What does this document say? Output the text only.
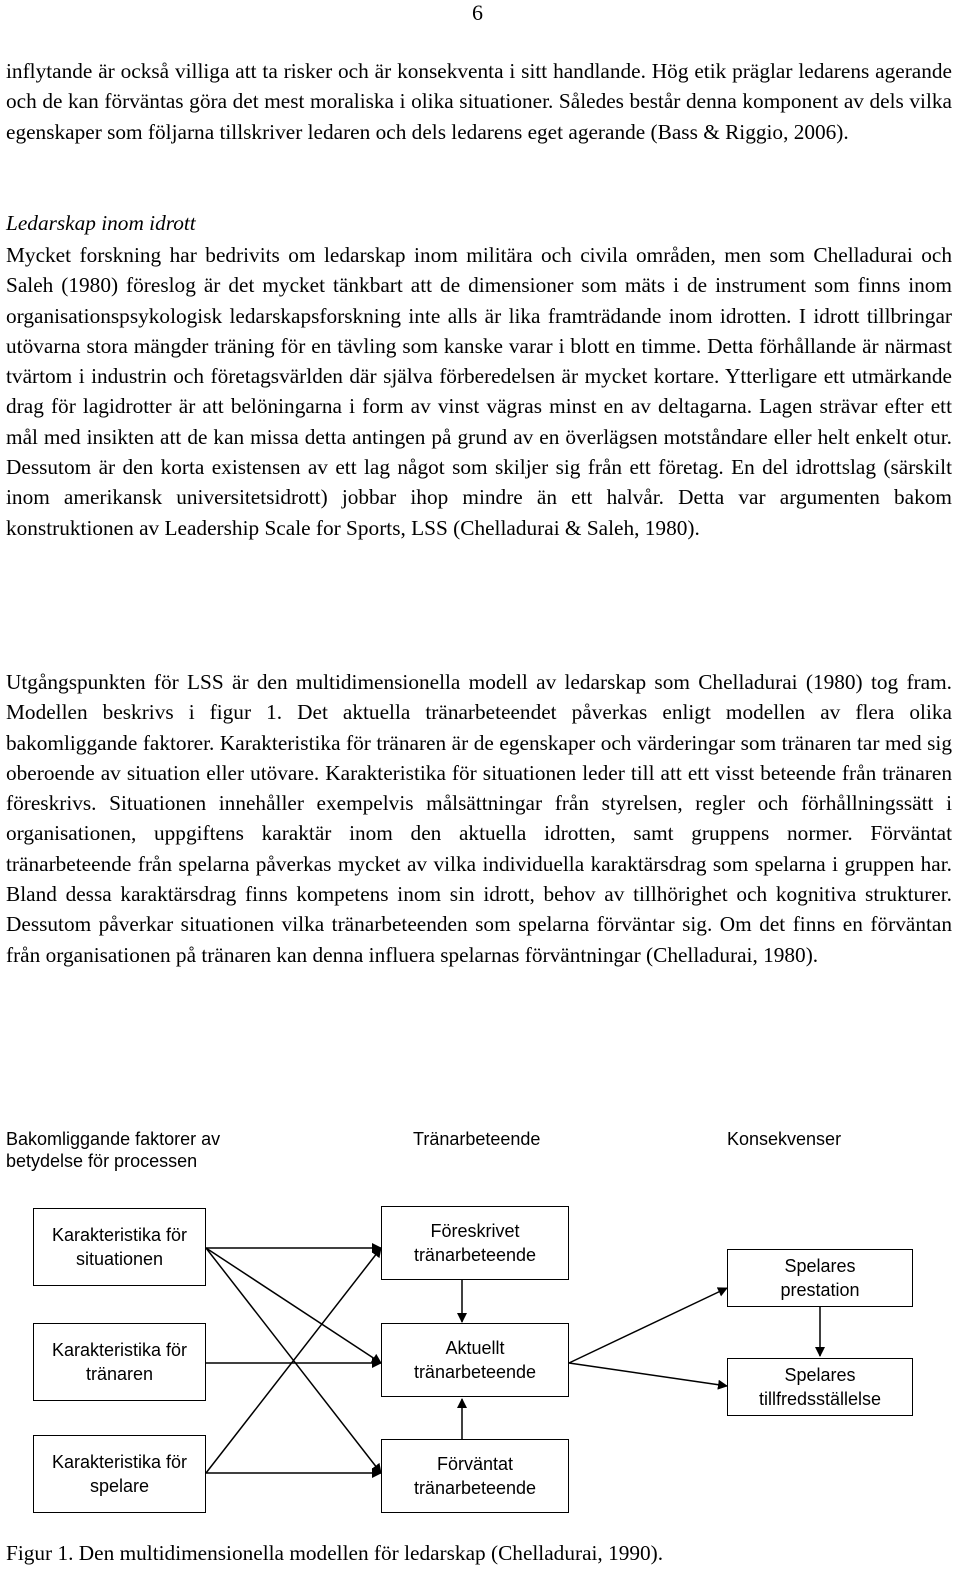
6

inflytande är också villiga att ta risker och är konsekventa i sitt handlande. Hög etik präglar ledarens agerande och de kan förväntas göra det mest moraliska i olika situationer. Således består denna komponent av dels vilka egenskaper som följarna tillskriver ledaren och dels ledarens eget agerande (Bass & Riggio, 2006).

Ledarskap inom idrott

Mycket forskning har bedrivits om ledarskap inom militära och civila områden, men som Chelladurai och Saleh (1980) föreslog är det mycket tänkbart att de dimensioner som mäts i de instrument som finns inom organisationspsykologisk ledarskapsforskning inte alls är lika framträdande inom idrotten. I idrott tillbringar utövarna stora mängder träning för en tävling som kanske varar i blott en timme. Detta förhållande är närmast tvärtom i industrin och företagsvärlden där själva förberedelsen är mycket kortare. Ytterligare ett utmärkande drag för lagidrotter är att belöningarna i form av vinst vägras minst en av deltagarna. Lagen strävar efter ett mål med insikten att de kan missa detta antingen på grund av en överlägsen motståndare eller helt enkelt otur. Dessutom är den korta existensen av ett lag något som skiljer sig från ett företag. En del idrottslag (särskilt inom amerikansk universitetsidrott) jobbar ihop mindre än ett halvår. Detta var argumenten bakom konstruktionen av Leadership Scale for Sports, LSS (Chelladurai & Saleh, 1980).

Utgångspunkten för LSS är den multidimensionella modell av ledarskap som Chelladurai (1980) tog fram. Modellen beskrivs i figur 1. Det aktuella tränarbeteendet påverkas enligt modellen av flera olika bakomliggande faktorer. Karakteristika för tränaren är de egenskaper och värderingar som tränaren tar med sig oberoende av situation eller utövare. Karakteristika för situationen leder till att ett visst beteende från tränaren föreskrivs. Situationen innehåller exempelvis målsättningar från styrelsen, regler och förhållningssätt i organisationen, uppgiftens karaktär inom den aktuella idrotten, samt gruppens normer. Förväntat tränarbeteende från spelarna påverkas mycket av vilka individuella karaktärsdrag som spelarna i gruppen har. Bland dessa karaktärsdrag finns kompetens inom sin idrott, behov av tillhörighet och kognitiva strukturer. Dessutom påverkar situationen vilka tränarbeteenden som spelarna förväntar sig. Om det finns en förväntan från organisationen på tränaren kan denna influera spelarnas förväntningar (Chelladurai, 1980).

Bakomliggande faktorer av
betydelse för processen
Tränarbeteende	Konsekvenser
Karakteristika för
situationen
Karakteristika för
tränaren
Karakteristika för
spelare
Föreskrivet
tränarbeteende
Aktuellt
tränarbeteende
Förväntat
tränarbeteende
Spelares
prestation
Spelares
tillfredsställelse

Figur 1. Den multidimensionella modellen för ledarskap (Chelladurai, 1990).
